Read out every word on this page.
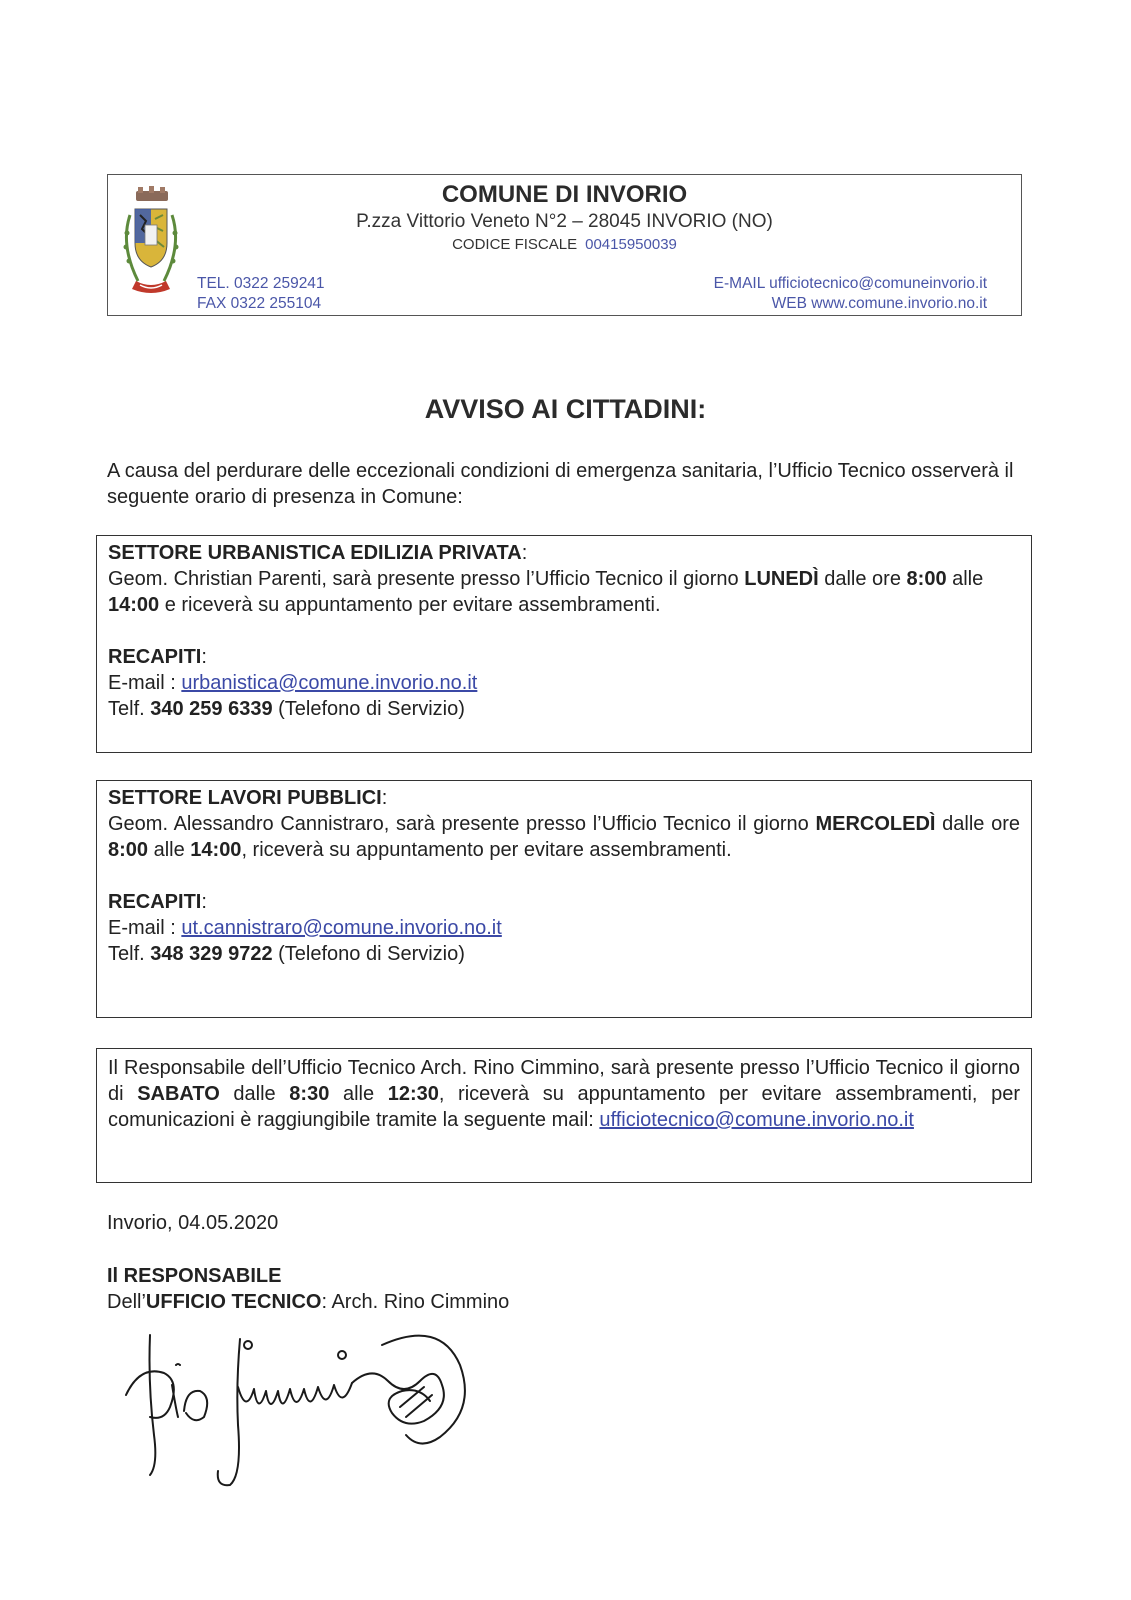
COMUNE DI INVORIO
P.zza Vittorio Veneto N°2 – 28045 INVORIO (NO)
CODICE FISCALE 00415950039
TEL. 0322 259241
FAX 0322 255104
E-MAIL ufficiotecnico@comuneinvorio.it
WEB www.comune.invorio.no.it
AVVISO AI CITTADINI:
A causa del perdurare delle eccezionali condizioni di emergenza sanitaria, l’Ufficio Tecnico osserverà il seguente orario di presenza in Comune:

SETTORE URBANISTICA EDILIZIA PRIVATA:

Geom. Christian Parenti, sarà presente presso l’Ufficio Tecnico il giorno LUNEDÌ dalle ore 8:00 alle 14:00 e riceverà su appuntamento per evitare assembramenti.

RECAPITI:

E-mail : urbanistica@comune.invorio.no.it

Telf. 340 259 6339 (Telefono di Servizio)

SETTORE LAVORI PUBBLICI:

Geom. Alessandro Cannistraro, sarà presente presso l’Ufficio Tecnico il giorno MERCOLEDÌ dalle ore 8:00 alle 14:00, riceverà su appuntamento per evitare assembramenti.

RECAPITI:

E-mail : ut.cannistraro@comune.invorio.no.it

Telf. 348 329 9722 (Telefono di Servizio)

Il Responsabile dell’Ufficio Tecnico Arch. Rino Cimmino, sarà presente presso l’Ufficio Tecnico il giorno di SABATO dalle 8:30 alle 12:30, riceverà su appuntamento per evitare assembramenti, per comunicazioni è raggiungibile tramite la seguente mail: ufficiotecnico@comune.invorio.no.it

Invorio, 04.05.2020
Il RESPONSABILE
Dell’UFFICIO TECNICO: Arch. Rino Cimmino
